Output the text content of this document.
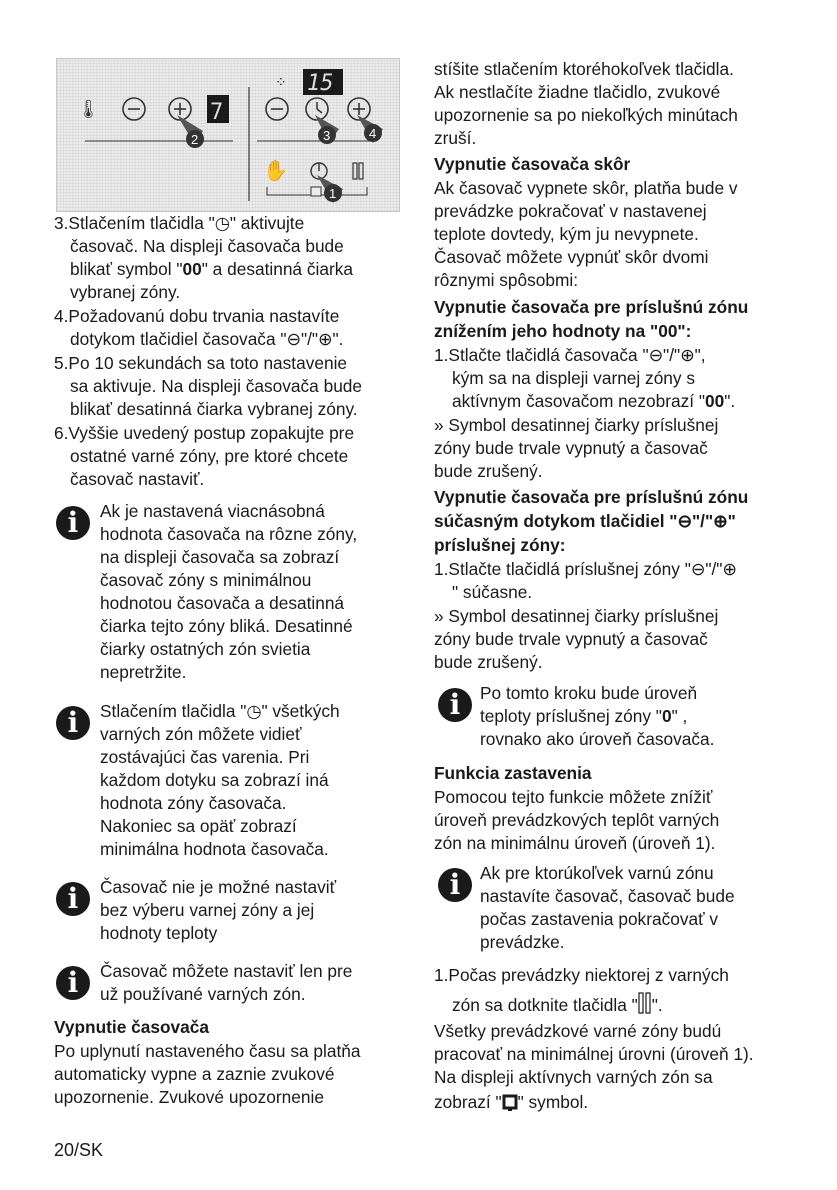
⁘ 15
🌡	7
✋
2	3	4
1

3.Stlačením tlačidla "◷" aktivujte

časovač. Na displeji časovača bude

blikať symbol "00" a desatinná čiarka

vybranej zóny.

4.Požadovanú dobu trvania nastavíte

dotykom tlačidiel časovača "⊖"/"⊕".

5.Po 10 sekundách sa toto nastavenie

sa aktivuje. Na displeji časovača bude

blikať desatinná čiarka vybranej zóny.

6.Vyššie uvedený postup zopakujte pre

ostatné varné zóny, pre ktoré chcete

časovač nastaviť.

i	Ak je nastavená viacnásobná

hodnota časovača na rôzne zóny,

na displeji časovača sa zobrazí

časovač zóny s minimálnou

hodnotou časovača a desatinná

čiarka tejto zóny bliká. Desatinné

čiarky ostatných zón svietia

nepretržite.

i	Stlačením tlačidla "◷" všetkých

varných zón môžete vidieť

zostávajúci čas varenia. Pri

každom dotyku sa zobrazí iná

hodnota zóny časovača.

Nakoniec sa opäť zobrazí

minimálna hodnota časovača.

i	Časovač nie je možné nastaviť

bez výberu varnej zóny a jej

hodnoty teploty

i	Časovač môžete nastaviť len pre

už používané varných zón.

Vypnutie časovača

Po uplynutí nastaveného času sa platňa

automaticky vypne a zaznie zvukové

upozornenie. Zvukové upozornenie

stíšite stlačením ktoréhokoľvek tlačidla.

Ak nestlačíte žiadne tlačidlo, zvukové

upozornenie sa po niekoľkých minútach

zruší.

Vypnutie časovača skôr

Ak časovač vypnete skôr, platňa bude v

prevádzke pokračovať v nastavenej

teplote dovtedy, kým ju nevypnete.

Časovač môžete vypnúť skôr dvomi

rôznymi spôsobmi:

Vypnutie časovača pre príslušnú zónu

znížením jeho hodnoty na "00":

1.Stlačte tlačidlá časovača "⊖"/"⊕",

kým sa na displeji varnej zóny s

aktívnym časovačom nezobrazí "00".

» Symbol desatinnej čiarky príslušnej

zóny bude trvale vypnutý a časovač

bude zrušený.

Vypnutie časovača pre príslušnú zónu

súčasným dotykom tlačidiel "⊖"/"⊕"

príslušnej zóny:

1.Stlačte tlačidlá príslušnej zóny "⊖"/"⊕

" súčasne.

» Symbol desatinnej čiarky príslušnej

zóny bude trvale vypnutý a časovač

bude zrušený.

i	Po tomto kroku bude úroveň

teploty príslušnej zóny "0" ,

rovnako ako úroveň časovača.

Funkcia zastavenia

Pomocou tejto funkcie môžete znížiť

úroveň prevádzkových teplôt varných

zón na minimálnu úroveň (úroveň 1).

i	Ak pre ktorúkoľvek varnú zónu

nastavíte časovač, časovač bude

počas zastavenia pokračovať v

prevádzke.

1.Počas prevádzky niektorej z varných

zón sa dotknite tlačidla " ".

Všetky prevádzkové varné zóny budú

pracovať na minimálnej úrovni (úroveň 1).

Na displeji aktívnych varných zón sa

zobrazí " " symbol.

20/SK
